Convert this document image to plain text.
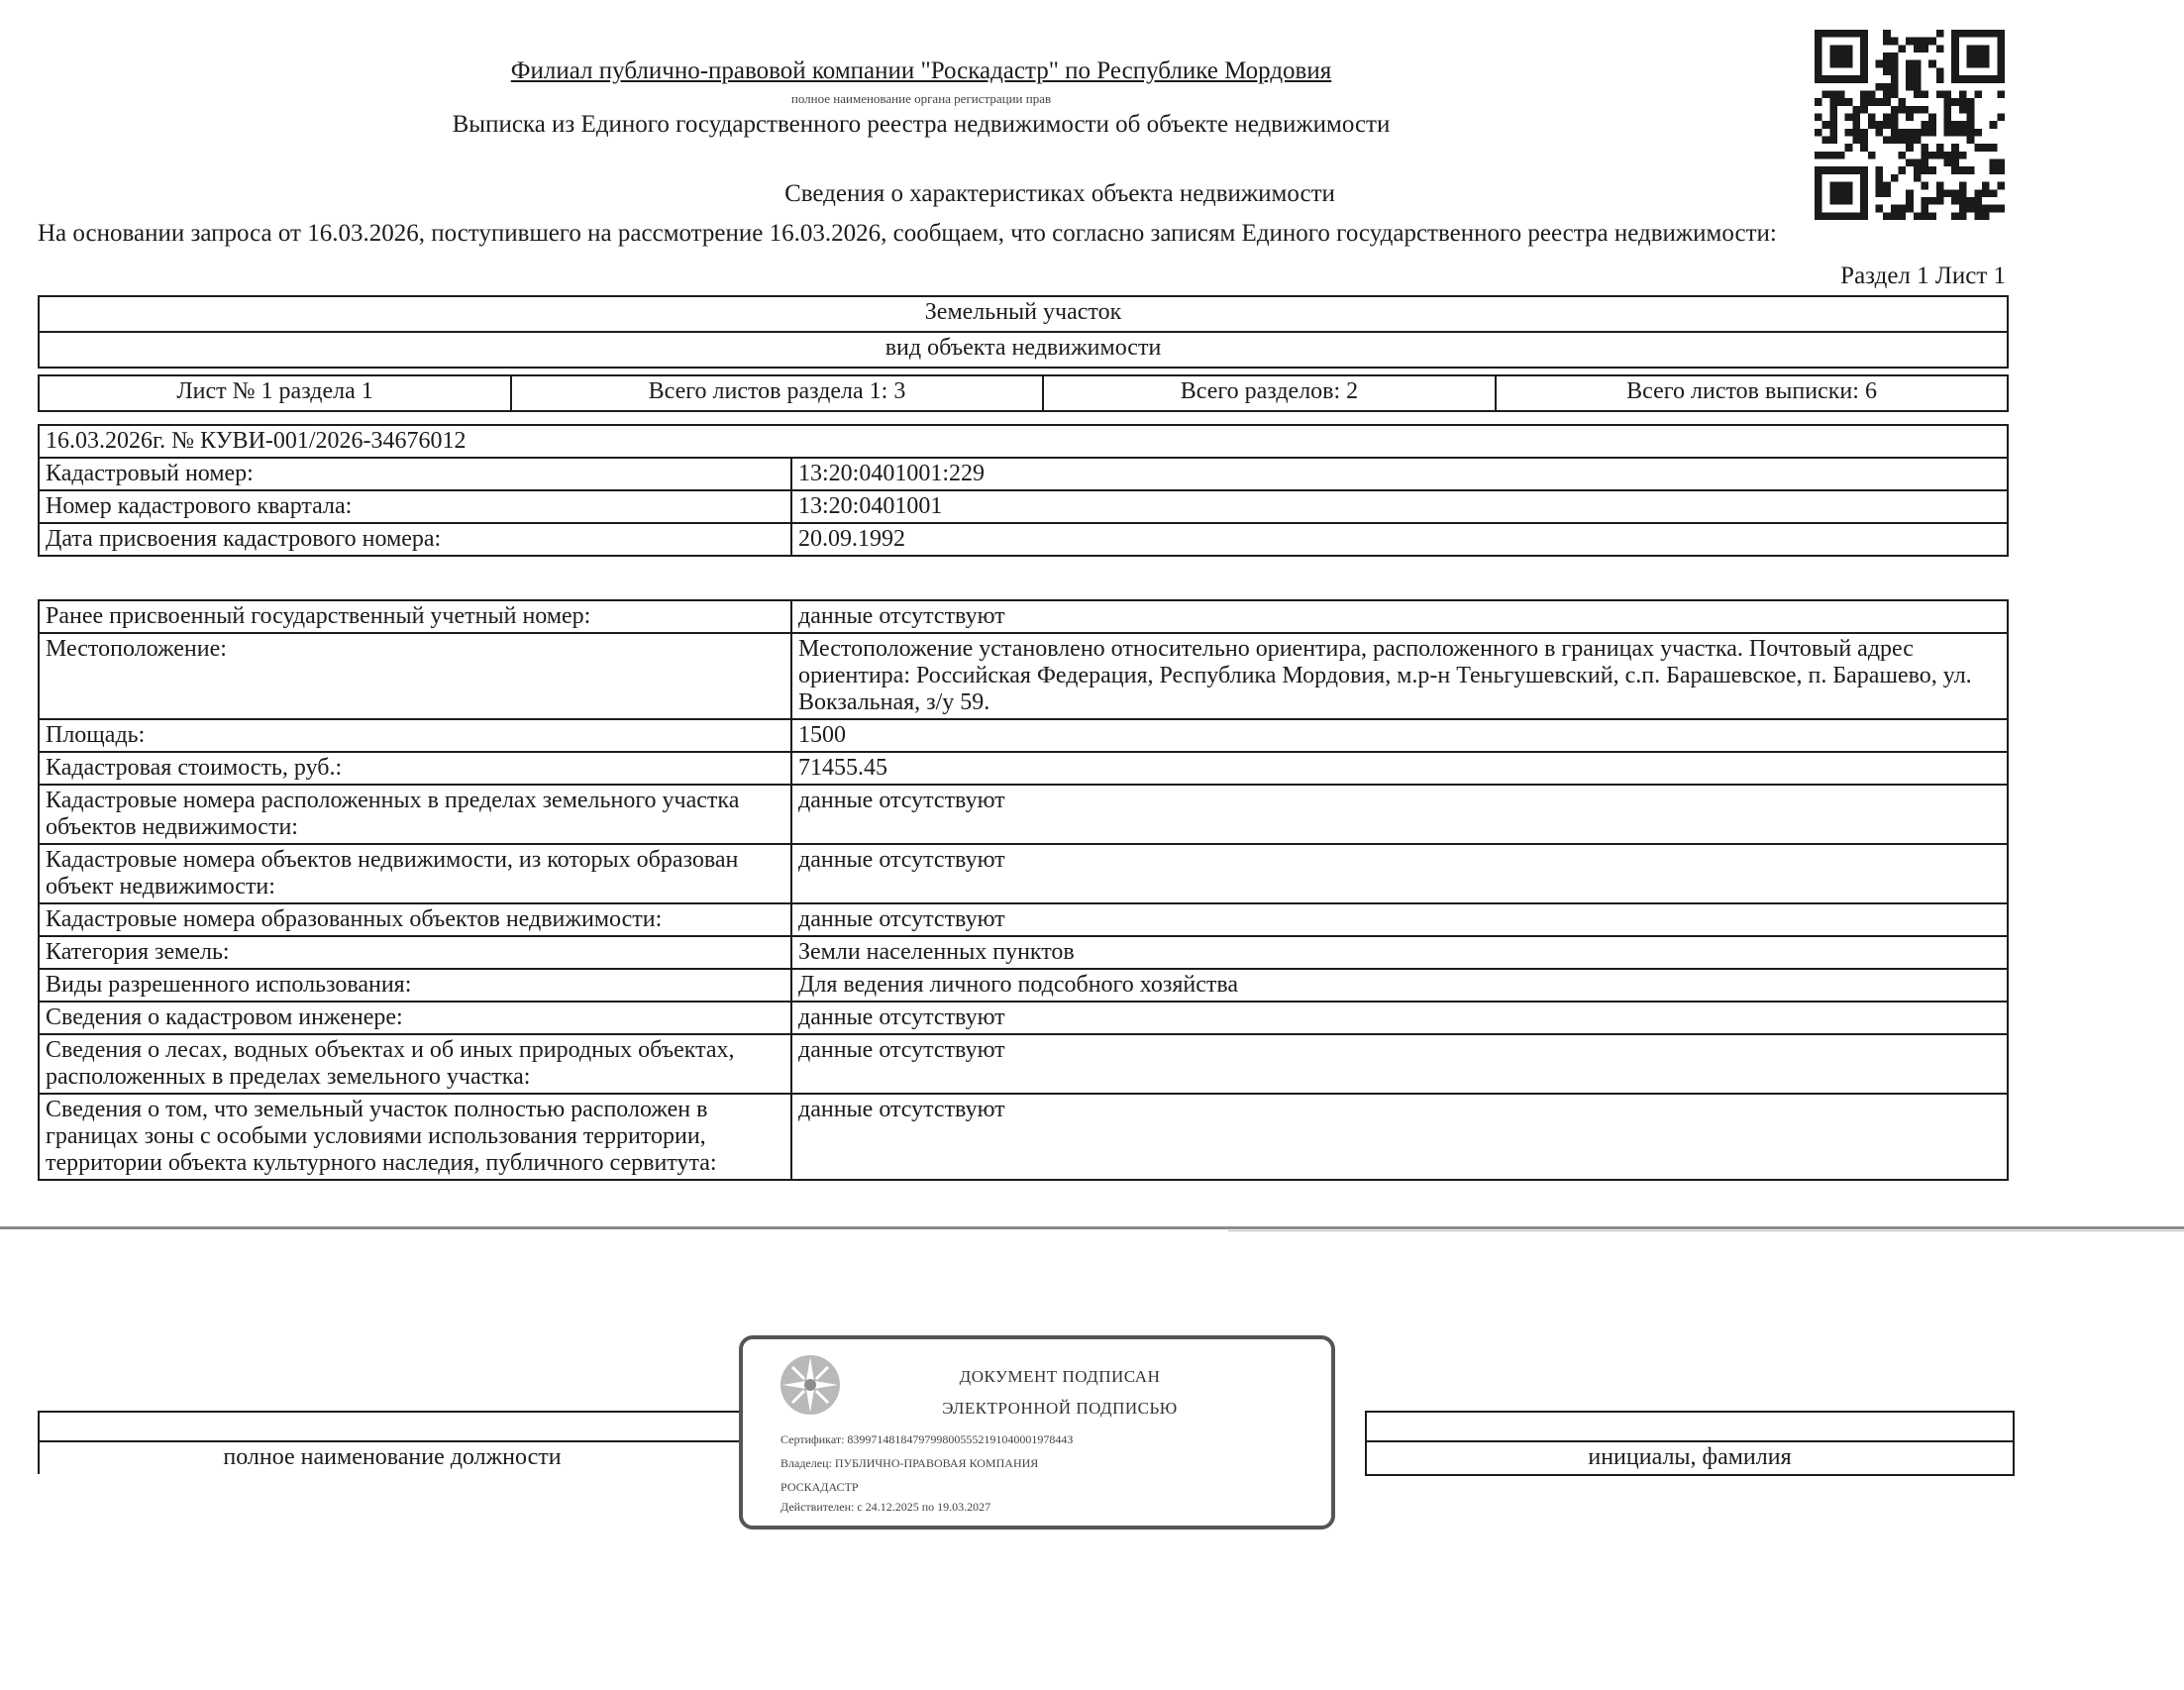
Филиал публично-правовой компании "Роскадастр" по Республике Мордовия
полное наименование органа регистрации прав
Выписка из Единого государственного реестра недвижимости об объекте недвижимости
Сведения о характеристиках объекта недвижимости
На основании запроса от 16.03.2026, поступившего на рассмотрение 16.03.2026, сообщаем, что согласно записям Единого государственного реестра недвижимости:
Раздел 1 Лист 1
Земельный участок
вид объекта недвижимости
Лист № 1 раздела 1	Всего листов раздела 1: 3	Всего разделов: 2	Всего листов выписки: 6
16.03.2026г. № КУВИ-001/2026-34676012	
Кадастровый номер:	13:20:0401001:229
Номер кадастрового квартала:	13:20:0401001
Дата присвоения кадастрового номера:	20.09.1992
Ранее присвоенный государственный учетный номер:	данные отсутствуют
Местоположение:	Местоположение установлено относительно ориентира, расположенного в границах участка. Почтовый адрес ориентира: Российская Федерация, Республика Мордовия, м.р-н Теньгушевский, с.п. Барашевское, п. Барашево, ул. Вокзальная, з/у 59.
Площадь:	1500
Кадастровая стоимость, руб.:	71455.45
Кадастровые номера расположенных в пределах земельного участка объектов недвижимости:	данные отсутствуют
Кадастровые номера объектов недвижимости, из которых образован объект недвижимости:	данные отсутствуют
Кадастровые номера образованных объектов недвижимости:	данные отсутствуют
Категория земель:	Земли населенных пунктов
Виды разрешенного использования:	Для ведения личного подсобного хозяйства
Сведения о кадастровом инженере:	данные отсутствуют
Сведения о лесах, водных объектах и об иных природных объектах, расположенных в пределах земельного участка:	данные отсутствуют
Сведения о том, что земельный участок полностью расположен в границах зоны с особыми условиями использования территории, территории объекта культурного наследия, публичного сервитута:	данные отсутствуют
полное наименование должности	инициалы, фамилия
ДОКУМЕНТ ПОДПИСАН
ЭЛЕКТРОННОЙ ПОДПИСЬЮ
Сертификат: 8399714818479799800555219104000197844З
Владелец: ПУБЛИЧНО-ПРАВОВАЯ КОМПАНИЯ
РОСКАДАСТР
Действителен: с 24.12.2025 по 19.03.2027
